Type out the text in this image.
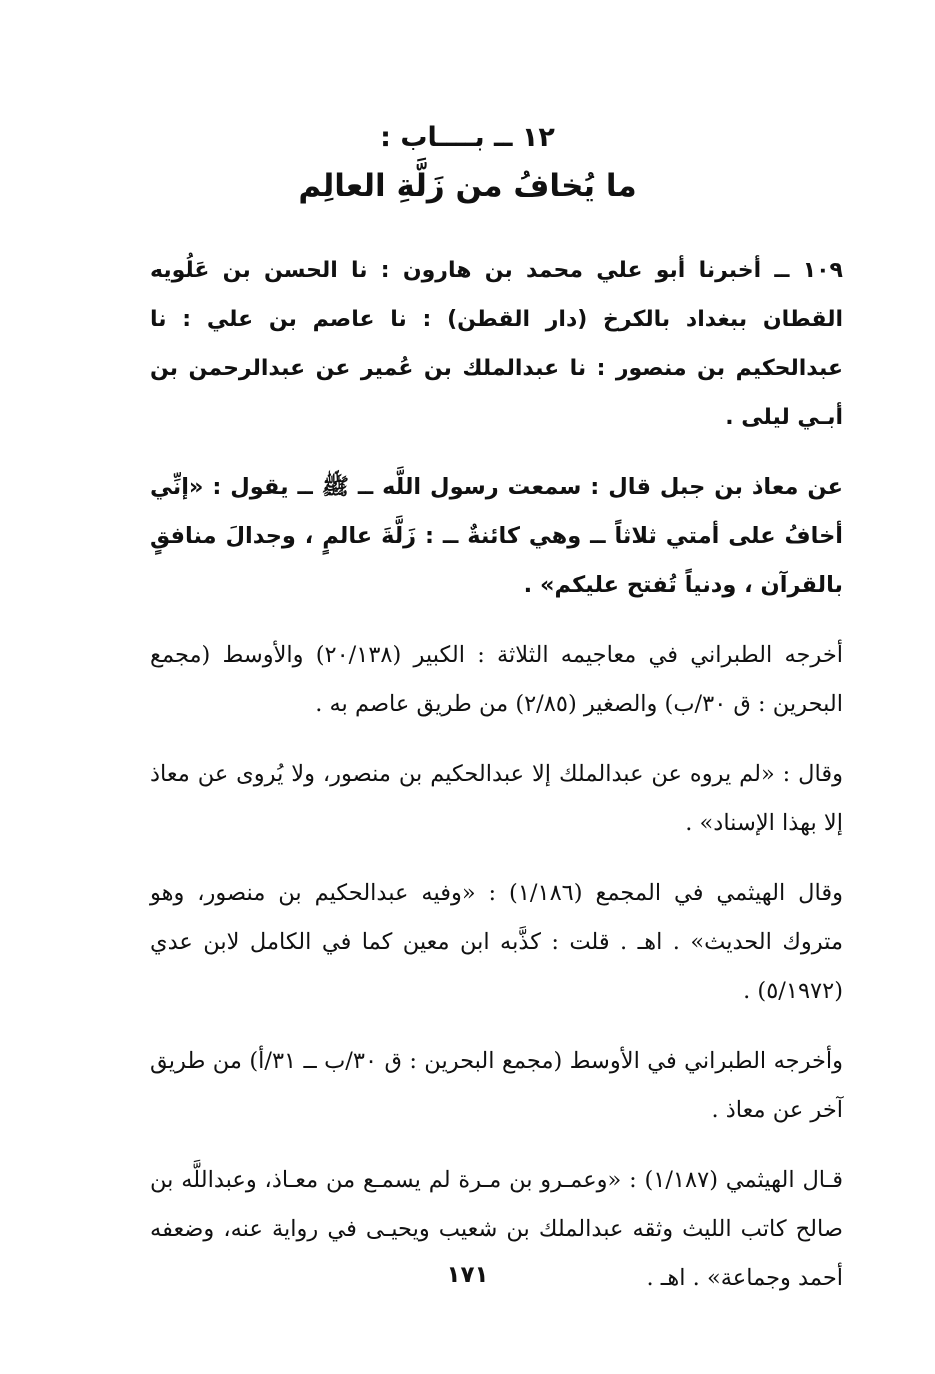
١٢ ــ بــــاب :
ما يُخافُ من زَلَّةِ العالِم

١٠٩ ــ أخبرنا أبو علي محمد بن هارون : نا الحسن بن عَلُويه القطان ببغداد بالكرخ (دار القطن) : نا عاصم بن علي : نا عبدالحكيم بن منصور : نا عبدالملك بن عُمير عن عبدالرحمن بن أبـي ليلى .

عن معاذ بن جبل قال : سمعت رسول اللَّه ــ ﷺ ــ يقول : «إنِّي أخافُ على أمتي ثلاثاً ــ وهي كائنةٌ ــ : زَلَّةَ عالمٍ ، وجدالَ منافقٍ بالقرآن ، ودنياً تُفتح عليكم» .

أخرجه الطبراني في معاجيمه الثلاثة : الكبير (٢٠/١٣٨) والأوسط (مجمع البحرين : ق ٣٠/ب) والصغير (٢/٨٥) من طريق عاصم به .

وقال : «لم يروه عن عبدالملك إلا عبدالحكيم بن منصور، ولا يُروى عن معاذ إلا بهذا الإسناد» .

وقال الهيثمي في المجمع (١/١٨٦) : «وفيه عبدالحكيم بن منصور، وهو متروك الحديث» . اهـ . قلت : كذَّبه ابن معين كما في الكامل لابن عدي (٥/١٩٧٢) .

وأخرجه الطبراني في الأوسط (مجمع البحرين : ق ٣٠/ب ــ ٣١/أ) من طريق آخر عن معاذ .

قـال الهيثمي (١/١٨٧) : «وعمـرو بن مـرة لم يسمـع من معـاذ، وعبداللَّه بن صالح كاتب الليث وثقه عبدالملك بن شعيب ويحيـى في رواية عنه، وضعفه أحمد وجماعة» . اهـ .

١٧١
